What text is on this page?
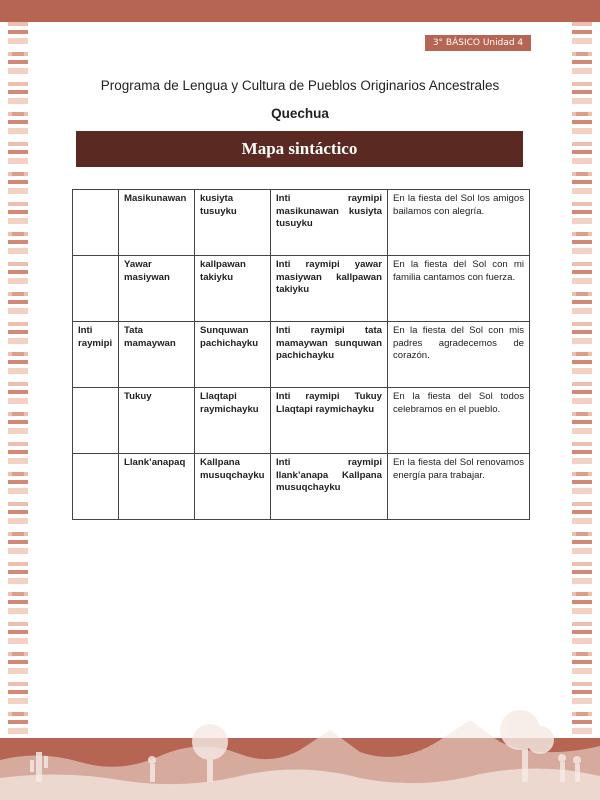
3° BÁSICO Unidad 4
Programa de Lengua y Cultura de Pueblos Originarios Ancestrales
Quechua
Mapa sintáctico
	Masikunawan	kusiyta tusuyku	Inti raymipi masikunawan kusiyta tusuyku	En la fiesta del Sol los amigos bailamos con alegría.
	Yawar masiywan	kallpawan takiyku	Inti raymipi yawar masiywan kallpawan takiyku	En la fiesta del Sol con mi familia cantamos con fuerza.
Inti raymipi	Tata mamaywan	Sunquwan pachichayku	Inti raymipi tata mamaywan sunquwan pachichayku	En la fiesta del Sol con mis padres agradecemos de corazón.
	Tukuy	Llaqtapi raymichayku	Inti raymipi Tukuy Llaqtapi raymichayku	En la fiesta del Sol todos celebramos en el pueblo.
	Llank’anapaq	Kallpana musuqchayku	Inti raymipi llank’anapa Kallpana musuqchayku	En la fiesta del Sol renovamos energía para trabajar.
